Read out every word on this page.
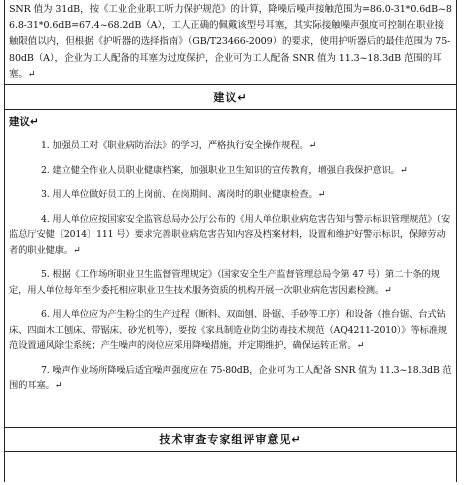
SNR 值为 31dB，按《工业企业职工听力保护规范》的计算，降噪后噪声接触范围为=86.0-31*0.6dB~86.8-31*0.6dB=67.4~68.2dB（A），工人正确的佩戴该型号耳塞，其实际接触噪声强度可控制在职业接触限值以内，但根据《护听器的选择指南》（GB/T23466-2009）的要求，使用护听器后的最佳范围为 75-80dB（A），企业为工人配备的耳塞为过度保护，企业可为工人配备 SNR 值为 11.3~18.3dB 范围的耳塞。↵

建议↵

建议↵

1. 加强员工对《职业病防治法》的学习，严格执行安全操作规程。↵

2. 建立健全作业人员职业健康档案，加强职业卫生知识的宣传教育，增强自我保护意识。↵

3. 用人单位做好员工的上岗前、在岗期间、离岗时的职业健康检查。↵

4. 用人单位应按国家安全监管总局办公厅公布的《用人单位职业病危害告知与警示标识管理规范》（安监总厅安健〔2014〕111 号）要求完善职业病危害告知内容及档案材料，设置和维护好警示标识，保障劳动者的职业健康。↵

5. 根据《工作场所职业卫生监督管理规定》（国家安全生产监督管理总局令第 47 号）第二十条的规定，用人单位每年至少委托相应职业卫生技术服务资质的机构开展一次职业病危害因素检测。↵

6. 用人单位应为产生粉尘的生产过程（断料、双面刨、卧锯、手砂等工序）和设备（推台锯、台式钻床、四面木工刨床、带锯床、砂光机等），要按《家具制造业防尘防毒技术规范（AQ4211-2010）》等标准规范设置通风除尘系统；产生噪声的岗位应采用降噪措施，并定期维护，确保运转正常。↵

7. 噪声作业场所降噪后适宜噪声强度应在 75-80dB，企业可为工人配备 SNR 值为 11.3~18.3dB 范围的耳塞。↵

技术审查专家组评审意见↵
